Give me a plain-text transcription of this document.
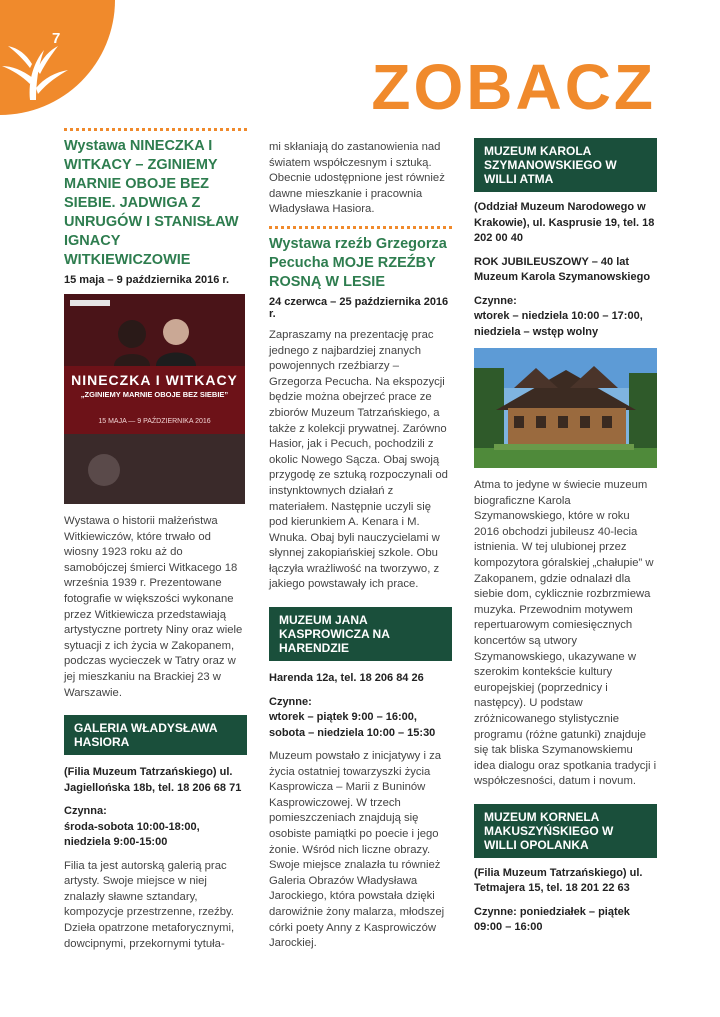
7
ZOBACZ

Wystawa NINECZKA I WITKACY – ZGINIEMY MARNIE OBOJE BEZ SIEBIE. JADWIGA Z UNRUGÓW I STANISŁAW IGNACY WITKIEWICZOWIE

15 maja – 9 października 2016 r.

NINECZKA I WITKACY
„ZGINIEMY MARNIE OBOJE BEZ SIEBIE”
15 MAJA — 9 PAŹDZIERNIKA 2016

Wystawa o historii małżeństwa Witkiewiczów, które trwało od wiosny 1923 roku aż do samobójczej śmierci Witkacego 18 września 1939 r. Prezentowane fotografie w większości wykonane przez Witkiewicza przedstawiają artystyczne portrety Niny oraz wiele sytuacji z ich życia w Zakopanem, podczas wycieczek w Tatry oraz w jej mieszkaniu na Brackiej 23 w Warszawie.

GALERIA WŁADYSŁAWA HASIORA

(Filia Muzeum Tatrzańskiego) ul. Jagiellońska 18b, tel. 18 206 68 71

Czynna:

środa-sobota 10:00-18:00, niedziela 9:00-15:00

Filia ta jest autorską galerią prac artysty. Swoje miejsce w niej znalazły sławne sztandary, kompozycje przestrzenne, rzeźby. Dzieła opatrzone metaforycznymi, dowcipnymi, przekornymi tytuła-

mi skłaniają do zastanowienia nad światem współczesnym i sztuką. Obecnie udostępnione jest również dawne mieszkanie i pracownia Władysława Hasiora.

Wystawa rzeźb Grzegorza Pecucha MOJE RZEŹBY ROSNĄ W LESIE

24 czerwca – 25 października 2016 r.

Zapraszamy na prezentację prac jednego z najbardziej znanych powojennych rzeźbiarzy – Grzegorza Pecucha. Na ekspozycji będzie można obejrzeć prace ze zbiorów Muzeum Tatrzańskiego, a także z kolekcji prywatnej. Zarówno Hasior, jak i Pecuch, pochodzili z okolic Nowego Sącza. Obaj swoją przygodę ze sztuką rozpoczynali od instynktownych działań z materiałem. Następnie uczyli się pod kierunkiem A. Kenara i M. Wnuka. Obaj byli nauczycielami w słynnej zakopiańskiej szkole. Obu łączyła wrażliwość na tworzywo, z jakiego powstawały ich prace.

MUZEUM JANA KASPROWICZA NA HARENDZIE

Harenda 12a, tel. 18 206 84 26

Czynne:

wtorek – piątek 9:00 – 16:00, sobota – niedziela 10:00 – 15:30

Muzeum powstało z inicjatywy i za życia ostatniej towarzyszki życia Kasprowicza – Marii z Buninów Kasprowiczowej. W trzech pomieszczeniach znajdują się osobiste pamiątki po poecie i jego żonie. Wśród nich liczne obrazy. Swoje miejsce znalazła tu również Galeria Obrazów Władysława Jarockiego, która powstała dzięki darowiźnie żony malarza, młodszej córki poety Anny z Kasprowiczów Jarockiej.

MUZEUM KAROLA SZYMANOWSKIEGO W WILLI ATMA

(Oddział Muzeum Narodowego w Krakowie), ul. Kasprusie 19, tel. 18 202 00 40

ROK JUBILEUSZOWY – 40 lat Muzeum Karola Szymanowskiego

Czynne:

wtorek – niedziela 10:00 – 17:00, niedziela – wstęp wolny

Atma to jedyne w świecie muzeum biograficzne Karola Szymanowskiego, które w roku 2016 obchodzi jubileusz 40-lecia istnienia. W tej ulubionej przez kompozytora góralskiej „chałupie” w Zakopanem, gdzie odnalazł dla siebie dom, cyklicznie rozbrzmiewa muzyka. Przewodnim motywem repertuarowym comiesięcznych koncertów są utwory Szymanowskiego, ukazywane w szerokim kontekście kultury europejskiej (poprzednicy i następcy). U podstaw zróżnicowanego stylistycznie programu (różne gatunki) znajduje się tak bliska Szymanowskiemu idea dialogu oraz spotkania tradycji i współczesności, datum i novum.

MUZEUM KORNELA MAKUSZYŃSKIEGO W WILLI OPOLANKA

(Filia Muzeum Tatrzańskiego) ul. Tetmajera 15, tel. 18 201 22 63

Czynne: poniedziałek – piątek 09:00 – 16:00
